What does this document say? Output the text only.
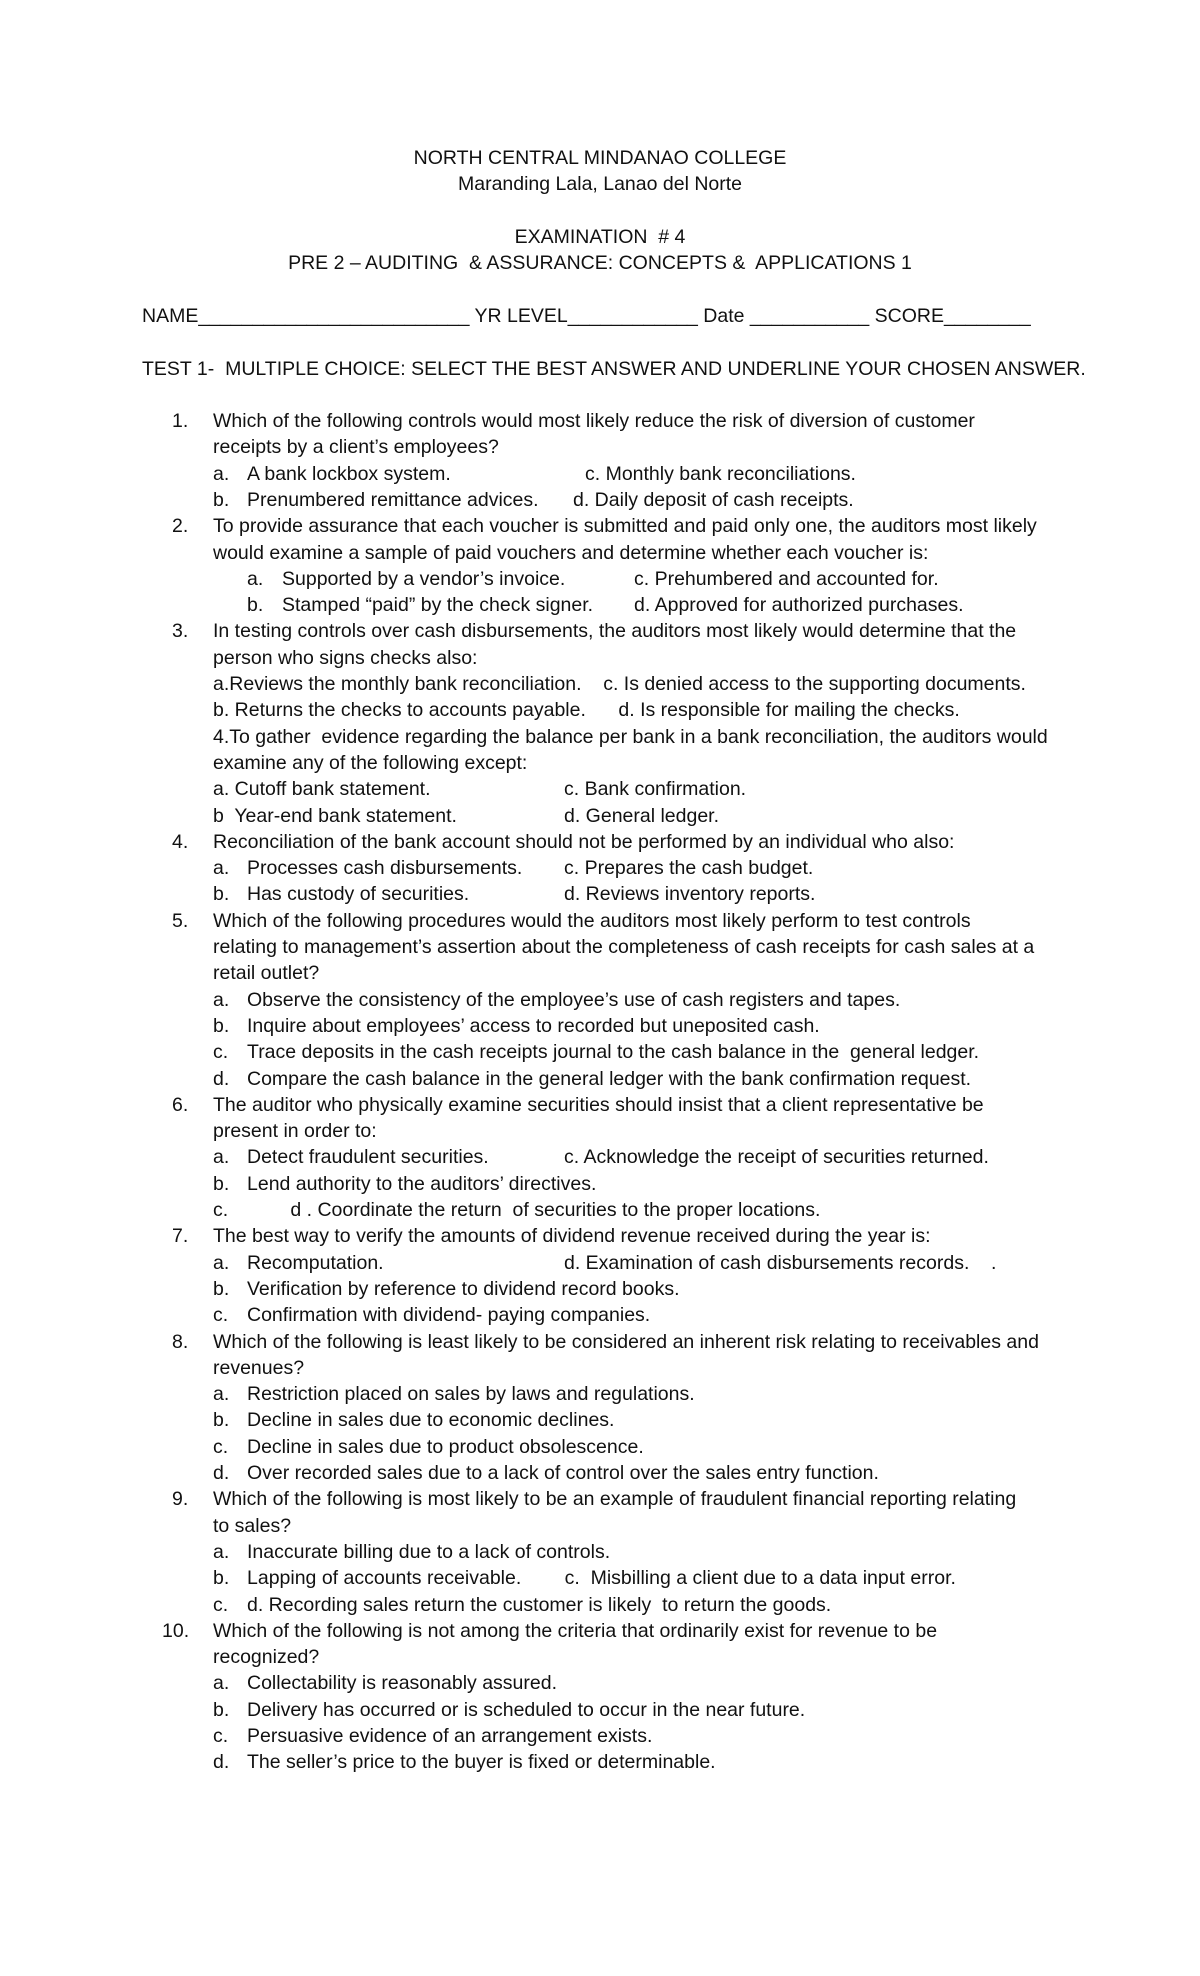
NORTH CENTRAL MINDANAO COLLEGE
Maranding Lala, Lanao del Norte
EXAMINATION  # 4
PRE 2 – AUDITING  & ASSURANCE: CONCEPTS &  APPLICATIONS 1
NAME_________________________ YR LEVEL____________ Date ___________ SCORE________
TEST 1-  MULTIPLE CHOICE: SELECT THE BEST ANSWER AND UNDERLINE YOUR CHOSEN ANSWER.
1. Which of the following controls would most likely reduce the risk of diversion of customer
receipts by a client’s employees?
a. A bank lockbox system.	c. Monthly bank reconciliations.
b. Prenumbered remittance advices. d. Daily deposit of cash receipts.
2. To provide assurance that each voucher is submitted and paid only one, the auditors most likely
would examine a sample of paid vouchers and determine whether each voucher is:
a. Supported by a vendor’s invoice.	c. Prehumbered and accounted for.
b. Stamped “paid” by the check signer. d. Approved for authorized purchases.
3. In testing controls over cash disbursements, the auditors most likely would determine that the
person who signs checks also:
a.Reviews the monthly bank reconciliation.    c. Is denied access to the supporting documents.
b. Returns the checks to accounts payable.      d. Is responsible for mailing the checks.
4.To gather  evidence regarding the balance per bank in a bank reconciliation, the auditors would
examine any of the following except:
a. Cutoff bank statement.	c. Bank confirmation.
b  Year-end bank statement.	d. General ledger.
4. Reconciliation of the bank account should not be performed by an individual who also:
a. Processes cash disbursements. c. Prepares the cash budget.
b. Has custody of securities.	d. Reviews inventory reports.
5. Which of the following procedures would the auditors most likely perform to test controls
relating to management’s assertion about the completeness of cash receipts for cash sales at a
retail outlet?
a. Observe the consistency of the employee’s use of cash registers and tapes.
b. Inquire about employees’ access to recorded but uneposited cash.
c. Trace deposits in the cash receipts journal to the cash balance in the  general ledger.
d. Compare the cash balance in the general ledger with the bank confirmation request.
6. The auditor who physically examine securities should insist that a client representative be
present in order to:
a. Detect fraudulent securities.	c. Acknowledge the receipt of securities returned.
b. Lend authority to the auditors’ directives.
c. d . Coordinate the return  of securities to the proper locations.
7. The best way to verify the amounts of dividend revenue received during the year is:
a. Recomputation.	d. Examination of cash disbursements records.    .
b. Verification by reference to dividend record books.
c. Confirmation with dividend- paying companies.
8. Which of the following is least likely to be considered an inherent risk relating to receivables and
revenues?
a. Restriction placed on sales by laws and regulations.
b. Decline in sales due to economic declines.
c. Decline in sales due to product obsolescence.
d. Over recorded sales due to a lack of control over the sales entry function.
9. Which of the following is most likely to be an example of fraudulent financial reporting relating
to sales?
a. Inaccurate billing due to a lack of controls.
b. Lapping of accounts receivable.        c.  Misbilling a client due to a data input error.
c. d. Recording sales return the customer is likely  to return the goods.
10. Which of the following is not among the criteria that ordinarily exist for revenue to be
recognized?
a. Collectability is reasonably assured.
b. Delivery has occurred or is scheduled to occur in the near future.
c. Persuasive evidence of an arrangement exists.
d. The seller’s price to the buyer is fixed or determinable.
